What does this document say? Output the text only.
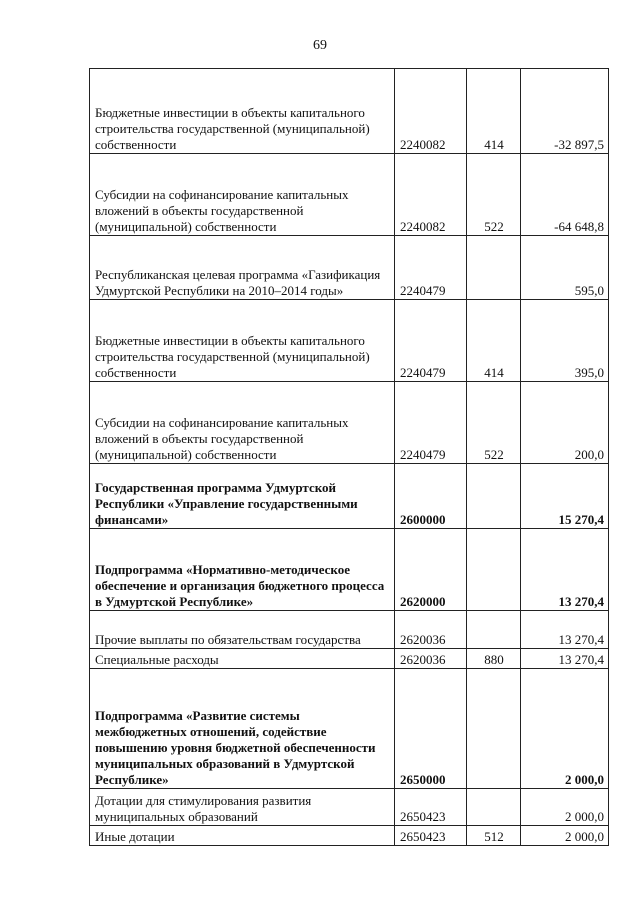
69
Бюджетные инвестиции в объекты капитального строительства государственной (муниципальной) собственности	2240082	414	-32 897,5
Субсидии на софинансирование капитальных вложений в объекты государственной (муниципальной) собственности	2240082	522	-64 648,8
Республиканская целевая программа «Газификация Удмуртской Республики на 2010–2014 годы»	2240479		595,0
Бюджетные инвестиции в объекты капитального строительства государственной (муниципальной) собственности	2240479	414	395,0
Субсидии на софинансирование капитальных вложений в объекты государственной (муниципальной) собственности	2240479	522	200,0
Государственная программа Удмуртской Республики «Управление государственными финансами»	2600000		15 270,4
Подпрограмма «Нормативно-методическое обеспечение и организация бюджетного процесса в Удмуртской Республике»	2620000		13 270,4
Прочие выплаты по обязательствам государства	2620036		13 270,4
Специальные расходы	2620036	880	13 270,4
Подпрограмма «Развитие системы межбюджетных отношений, содействие повышению уровня бюджетной обеспеченности муниципальных образований в Удмуртской Республике»	2650000		2 000,0
Дотации для стимулирования развития муниципальных образований	2650423		2 000,0
Иные дотации	2650423	512	2 000,0
